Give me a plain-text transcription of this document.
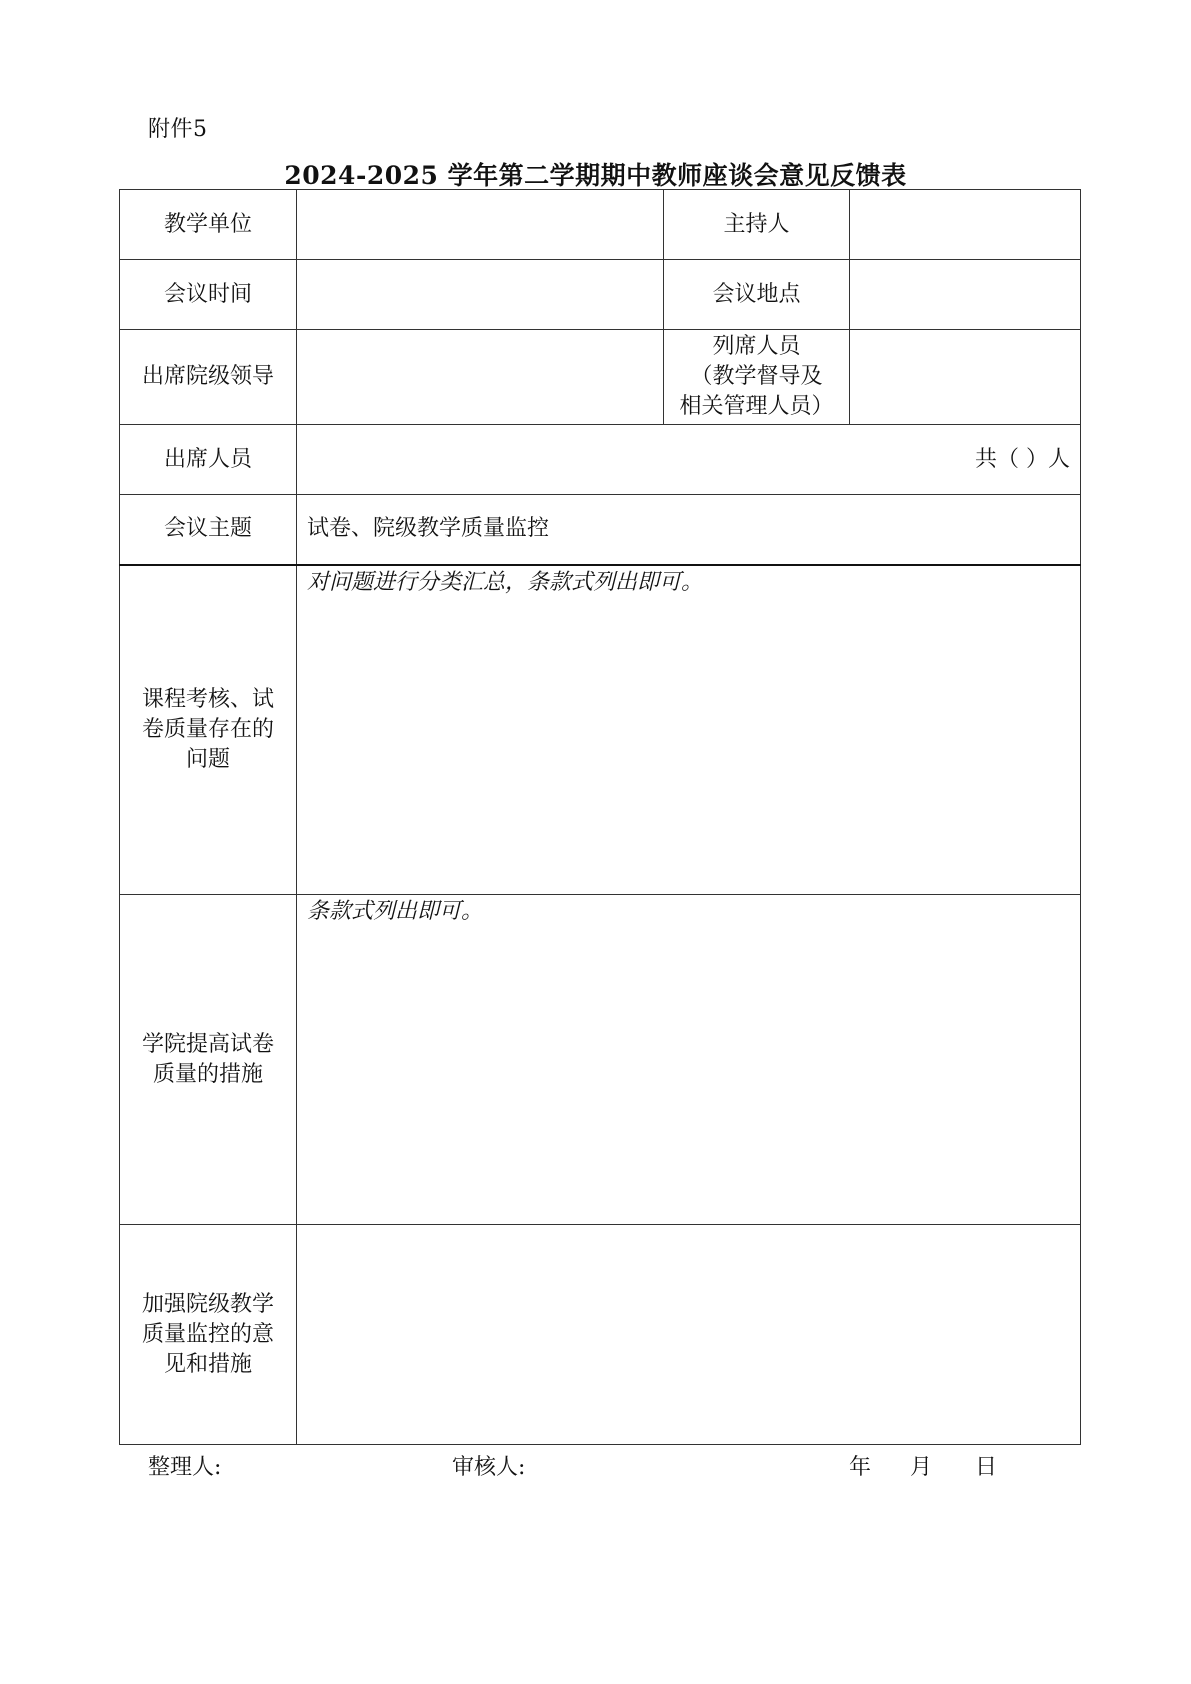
附件5
2024-2025 学年第二学期期中教师座谈会意见反馈表
教学单位		主持人	
会议时间		会议地点	
出席院级领导		列席人员
（教学督导及
相关管理人员）	

出席人员	共（ ）人		
会议主题	试卷、院级教学质量监控		

课程考核、试
卷质量存在的
问题	对问题进行分类汇总，条款式列出即可。		

学院提高试卷
质量的措施	条款式列出即可。		

加强院级教学
质量监控的意
见和措施			

整理人:	审核人:	年 月 日
